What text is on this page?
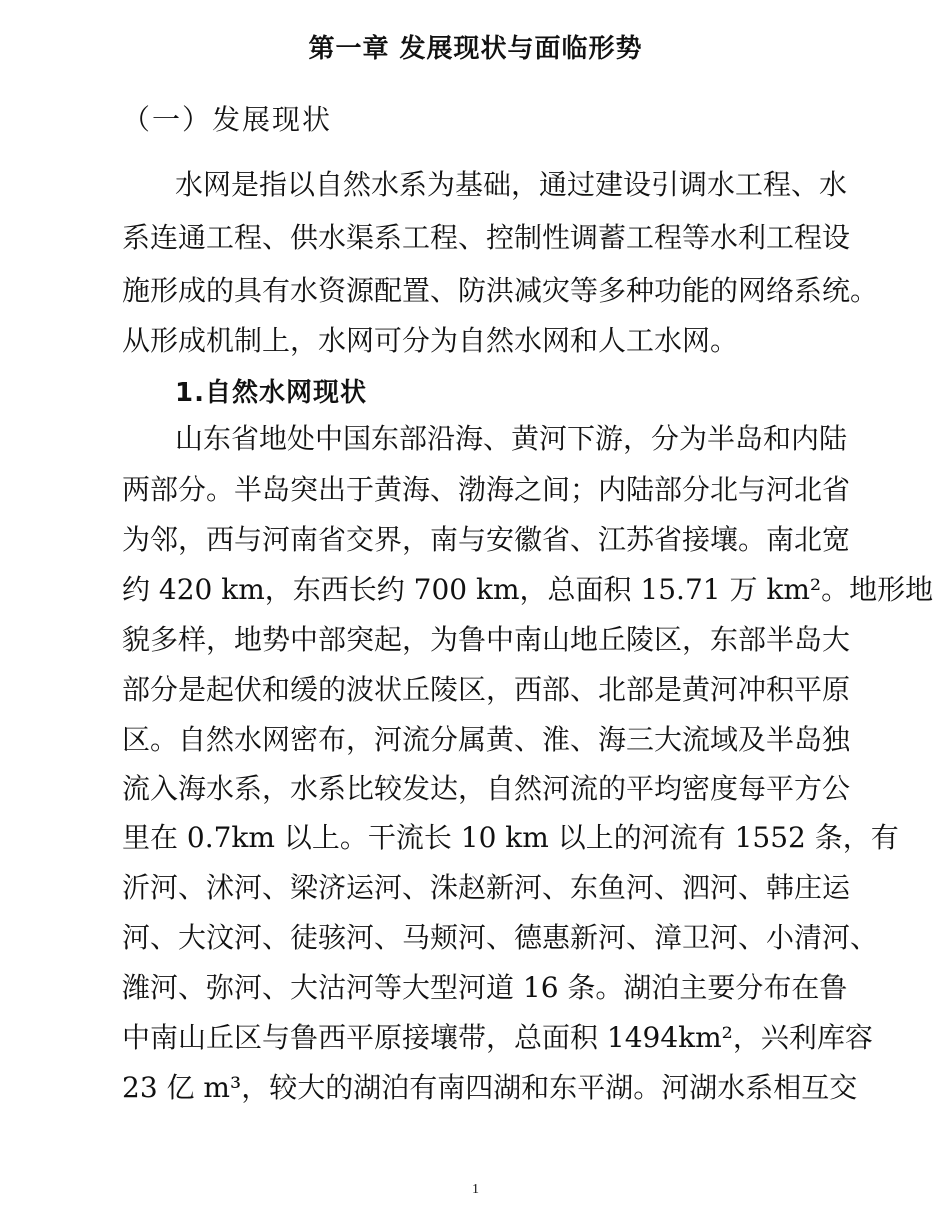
第一章 发展现状与面临形势
（一）发展现状
水网是指以自然水系为基础，通过建设引调水工程、水
系连通工程、供水渠系工程、控制性调蓄工程等水利工程设
施形成的具有水资源配置、防洪减灾等多种功能的网络系统。
从形成机制上，水网可分为自然水网和人工水网。
1.自然水网现状
山东省地处中国东部沿海、黄河下游，分为半岛和内陆
两部分。半岛突出于黄海、渤海之间；内陆部分北与河北省
为邻，西与河南省交界，南与安徽省、江苏省接壤。南北宽
约 420 km，东西长约 700 km，总面积 15.71 万 km²。地形地
貌多样，地势中部突起，为鲁中南山地丘陵区，东部半岛大
部分是起伏和缓的波状丘陵区，西部、北部是黄河冲积平原
区。自然水网密布，河流分属黄、淮、海三大流域及半岛独
流入海水系，水系比较发达，自然河流的平均密度每平方公
里在 0.7km 以上。干流长 10 km 以上的河流有 1552 条，有
沂河、沭河、梁济运河、洙赵新河、东鱼河、泗河、韩庄运
河、大汶河、徒骇河、马颊河、德惠新河、漳卫河、小清河、
潍河、弥河、大沽河等大型河道 16 条。湖泊主要分布在鲁
中南山丘区与鲁西平原接壤带，总面积 1494km²，兴利库容
23 亿 m³，较大的湖泊有南四湖和东平湖。河湖水系相互交
1
